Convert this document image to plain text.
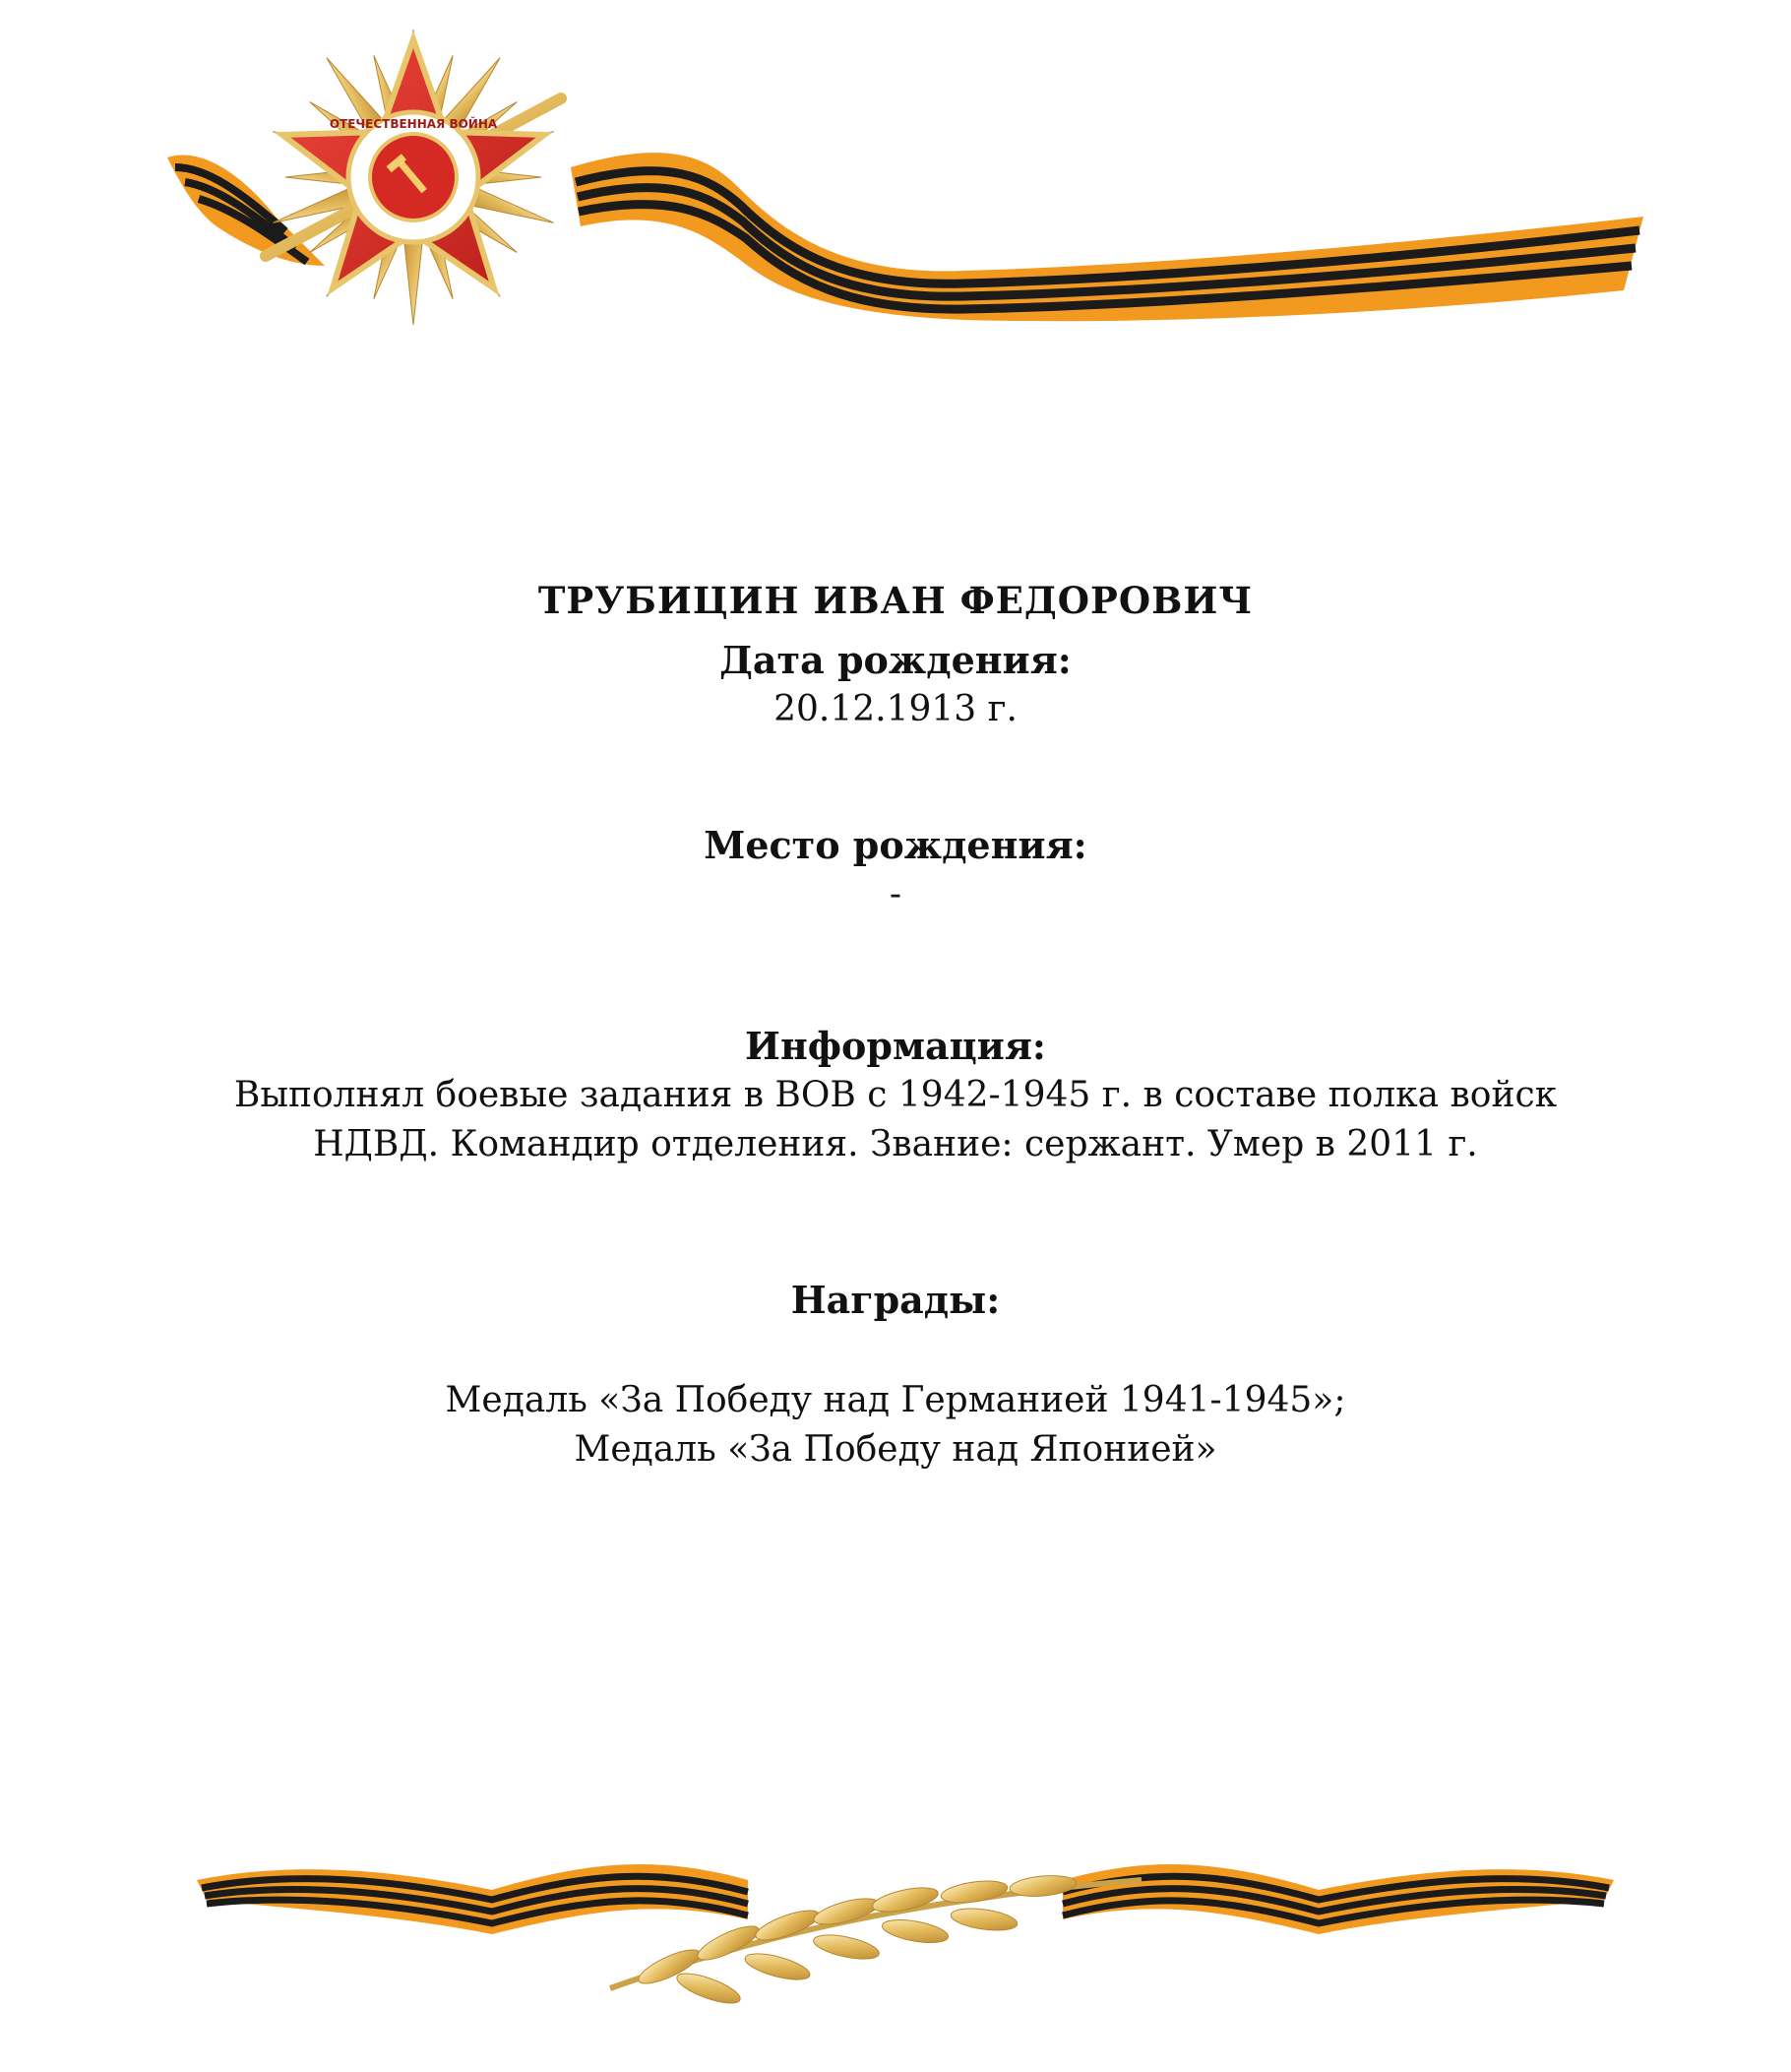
ОТЕЧЕСТВЕННАЯ ВОЙНА
ТРУБИЦИН ИВАН ФЕДОРОВИЧ

Дата рождения:

20.12.1913 г.

Место рождения:

-

Информация:

Выполнял боевые задания в ВОВ с 1942-1945 г. в составе полка войск

НДВД. Командир отделения. Звание: сержант. Умер в 2011 г.

Награды:

Медаль «За Победу над Германией 1941-1945»;

Медаль «За Победу над Японией»
